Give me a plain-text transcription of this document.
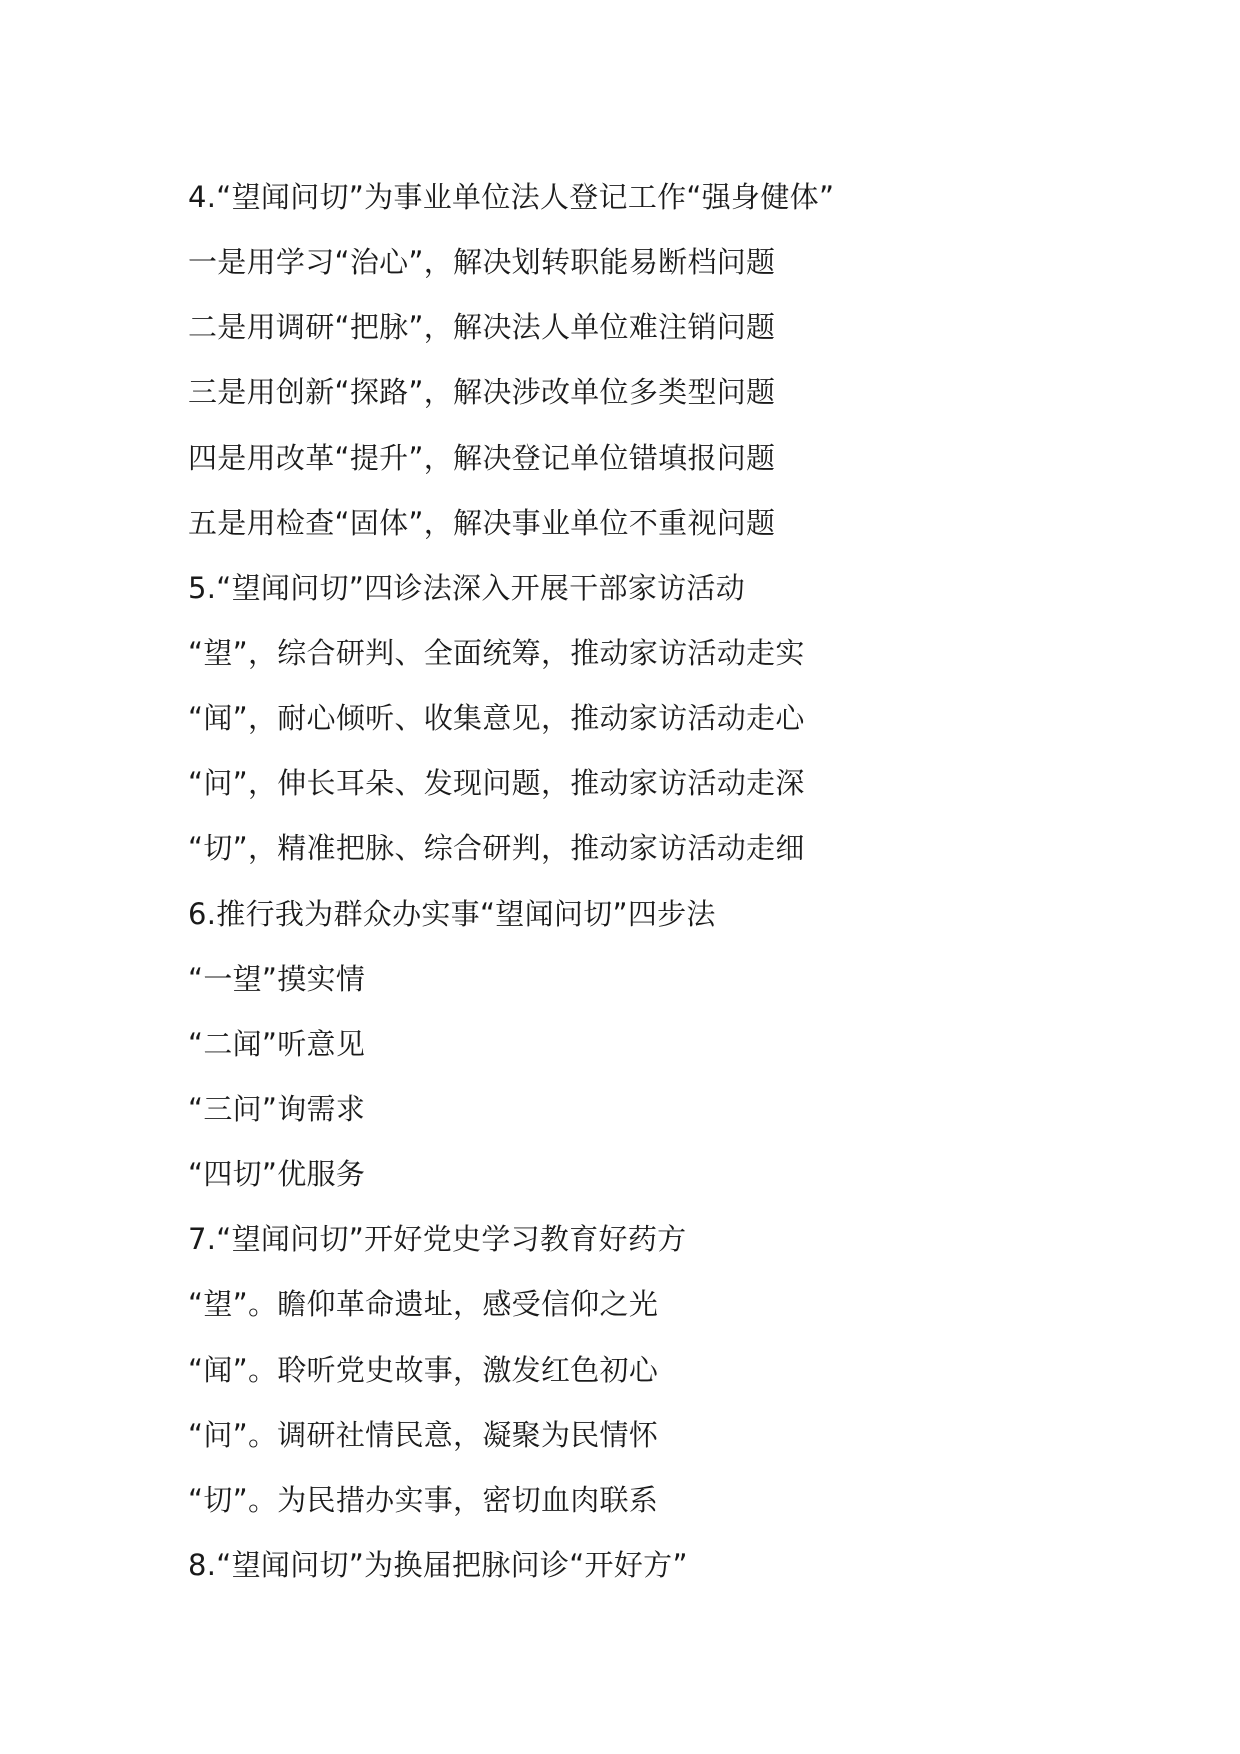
4.“望闻问切”为事业单位法人登记工作“强身健体”
一是用学习“治心”，解决划转职能易断档问题
二是用调研“把脉”，解决法人单位难注销问题
三是用创新“探路”，解决涉改单位多类型问题
四是用改革“提升”，解决登记单位错填报问题
五是用检查“固体”，解决事业单位不重视问题
5.“望闻问切”四诊法深入开展干部家访活动
“望”，综合研判、全面统筹，推动家访活动走实
“闻”，耐心倾听、收集意见，推动家访活动走心
“问”，伸长耳朵、发现问题，推动家访活动走深
“切”，精准把脉、综合研判，推动家访活动走细
6.推行我为群众办实事“望闻问切”四步法
“一望”摸实情
“二闻”听意见
“三问”询需求
“四切”优服务
7.“望闻问切”开好党史学习教育好药方
“望”。瞻仰革命遗址，感受信仰之光
“闻”。聆听党史故事，激发红色初心
“问”。调研社情民意，凝聚为民情怀
“切”。为民措办实事，密切血肉联系
8.“望闻问切”为换届把脉问诊“开好方”
